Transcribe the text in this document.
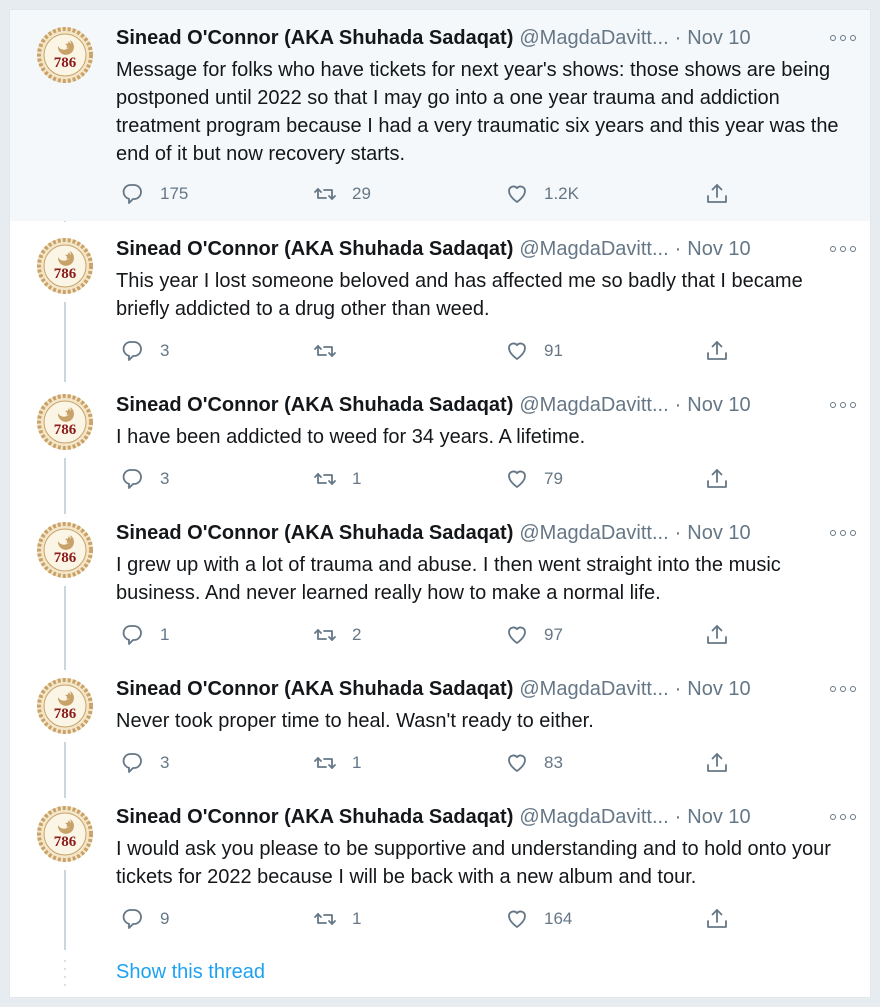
786
Sinead O'Connor (AKA Shuhada Sadaqat) @MagdaDavitt... · Nov 10
Message for folks who have tickets for next year's shows: those shows are being postponed until 2022 so that I may go into a one year trauma and addiction treatment program because I had a very traumatic six years and this year was the end of it but now recovery starts.
175	29	1.2K
786
Sinead O'Connor (AKA Shuhada Sadaqat) @MagdaDavitt... · Nov 10
This year I lost someone beloved and has affected me so badly that I became briefly addicted to a drug other than weed.
3	91
786
Sinead O'Connor (AKA Shuhada Sadaqat) @MagdaDavitt... · Nov 10
I have been addicted to weed for 34 years. A lifetime.
3	1	79
786
Sinead O'Connor (AKA Shuhada Sadaqat) @MagdaDavitt... · Nov 10
I grew up with a lot of trauma and abuse. I then went straight into the music business. And never learned really how to make a normal life.
1	2	97
786
Sinead O'Connor (AKA Shuhada Sadaqat) @MagdaDavitt... · Nov 10
Never took proper time to heal. Wasn't ready to either.
3	1	83
786
Sinead O'Connor (AKA Shuhada Sadaqat) @MagdaDavitt... · Nov 10
I would ask you please to be supportive and understanding and to hold onto your tickets for 2022 because I will be back with a new album and tour.
9	1	164
Show this thread
